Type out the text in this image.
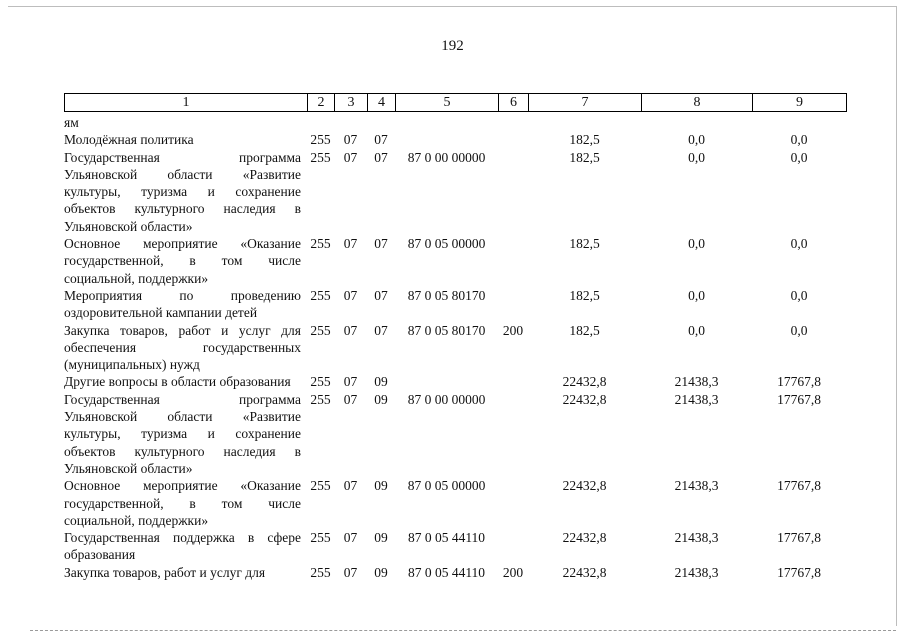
192
1	2	3	4	5	6	7	8	9
ям								
Молодёжная политика	255	07	07			182,5	0,0	0,0
Государственная программа Ульяновской области «Развитие культуры, туризма и сохранение объектов культурного наследия в Ульяновской области»	255	07	07	87 0 00 00000		182,5	0,0	0,0
Основное мероприятие «Оказание государственной, в том числе социальной, поддержки»	255	07	07	87 0 05 00000		182,5	0,0	0,0
Мероприятия по проведению оздоровительной кампании детей	255	07	07	87 0 05 80170		182,5	0,0	0,0
Закупка товаров, работ и услуг для обеспечения государственных (муниципальных) нужд	255	07	07	87 0 05 80170	200	182,5	0,0	0,0
Другие вопросы в области образования	255	07	09			22432,8	21438,3	17767,8
Государственная программа Ульяновской области «Развитие культуры, туризма и сохранение объектов культурного наследия в Ульяновской области»	255	07	09	87 0 00 00000		22432,8	21438,3	17767,8
Основное мероприятие «Оказание государственной, в том числе социальной, поддержки»	255	07	09	87 0 05 00000		22432,8	21438,3	17767,8
Государственная поддержка в сфере образования	255	07	09	87 0 05 44110		22432,8	21438,3	17767,8
Закупка товаров, работ и услуг для	255	07	09	87 0 05 44110	200	22432,8	21438,3	17767,8
